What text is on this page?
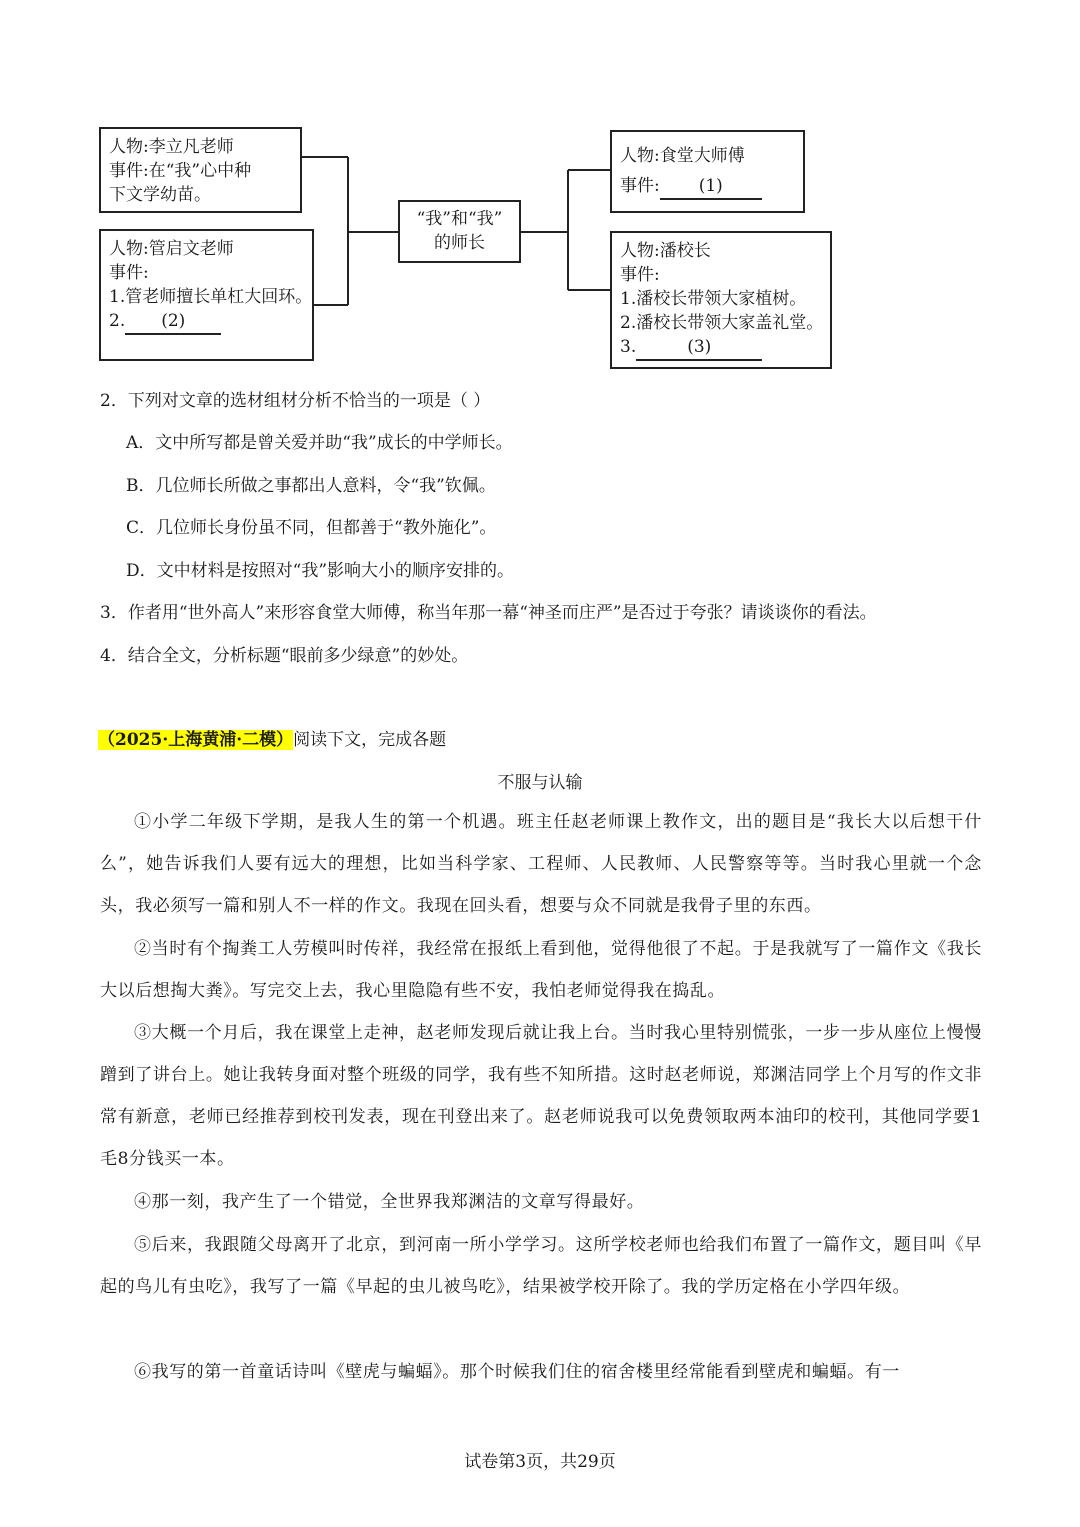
人物:李立凡老师
事件:在“我”心中种
下文学幼苗。
人物:管启文老师
事件:
1.管老师擅长单杠大回环。
2. (2)
“我”和“我”
的师长
人物:食堂大师傅
事件: (1)
人物:潘校长
事件:
1.潘校长带领大家植树。
2.潘校长带领大家盖礼堂。
3.	(3)
2．下列对文章的选材组材分析不恰当的一项是（ ）
A．文中所写都是曾关爱并助“我”成长的中学师长。
B．几位师长所做之事都出人意料，令“我”钦佩。
C．几位师长身份虽不同，但都善于“教外施化”。
D．文中材料是按照对“我”影响大小的顺序安排的。
3．作者用“世外高人”来形容食堂大师傅，称当年那一幕“神圣而庄严”是否过于夸张？请谈谈你的看法。
4．结合全文，分析标题“眼前多少绿意”的妙处。
（2025·上海黄浦·二模）阅读下文，完成各题
不服与认输
①小学二年级下学期，是我人生的第一个机遇。班主任赵老师课上教作文，出的题目是“我长大以后想干什么”，她告诉我们人要有远大的理想，比如当科学家、工程师、人民教师、人民警察等等。当时我心里就一个念头，我必须写一篇和别人不一样的作文。我现在回头看，想要与众不同就是我骨子里的东西。
②当时有个掏粪工人劳模叫时传祥，我经常在报纸上看到他，觉得他很了不起。于是我就写了一篇作文《我长大以后想掏大粪》。写完交上去，我心里隐隐有些不安，我怕老师觉得我在捣乱。
③大概一个月后，我在课堂上走神，赵老师发现后就让我上台。当时我心里特别慌张，一步一步从座位上慢慢蹭到了讲台上。她让我转身面对整个班级的同学，我有些不知所措。这时赵老师说，郑渊洁同学上个月写的作文非常有新意，老师已经推荐到校刊发表，现在刊登出来了。赵老师说我可以免费领取两本油印的校刊，其他同学要1毛8分钱买一本。
④那一刻，我产生了一个错觉，全世界我郑渊洁的文章写得最好。
⑤后来，我跟随父母离开了北京，到河南一所小学学习。这所学校老师也给我们布置了一篇作文，题目叫《早起的鸟儿有虫吃》，我写了一篇《早起的虫儿被鸟吃》，结果被学校开除了。我的学历定格在小学四年级。
⑥我写的第一首童话诗叫《壁虎与蝙蝠》。那个时候我们住的宿舍楼里经常能看到壁虎和蝙蝠。有一
试卷第3页，共29页
